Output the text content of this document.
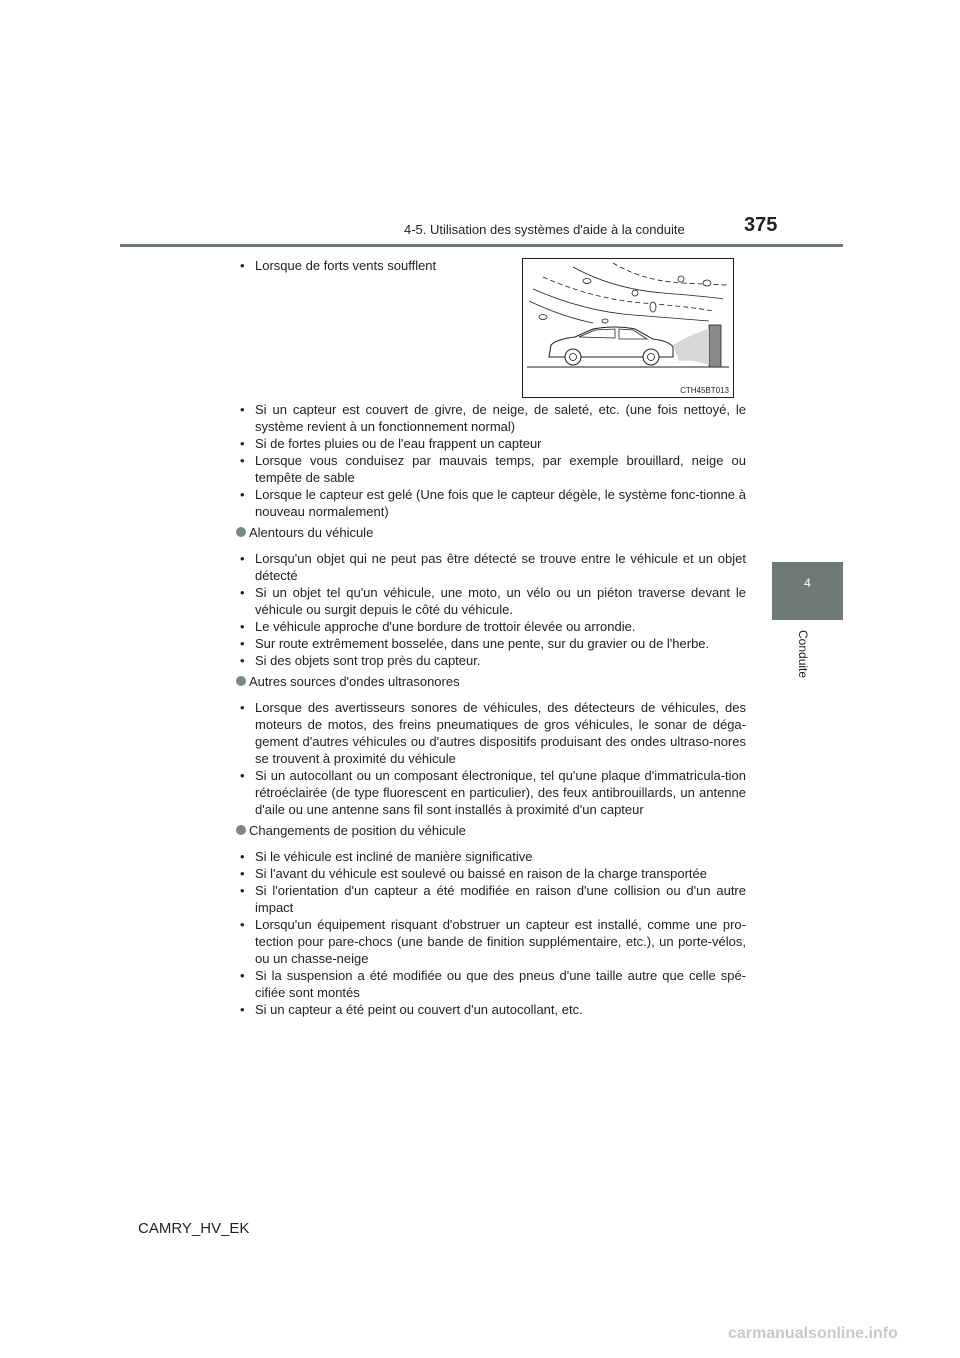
4-5. Utilisation des systèmes d'aide à la conduite	375
4
Conduite
CTH45BT013
• Lorsque de forts vents soufflent
• Si un capteur est couvert de givre, de neige, de saleté, etc. (une fois nettoyé, le système revient à un fonctionnement normal)
• Si de fortes pluies ou de l'eau frappent un capteur
• Lorsque vous conduisez par mauvais temps, par exemple brouillard, neige ou tempête de sable
• Lorsque le capteur est gelé (Une fois que le capteur dégèle, le système fonc-tionne à nouveau normalement)
Alentours du véhicule
• Lorsqu'un objet qui ne peut pas être détecté se trouve entre le véhicule et un objet détecté
• Si un objet tel qu'un véhicule, une moto, un vélo ou un piéton traverse devant le véhicule ou surgit depuis le côté du véhicule.
• Le véhicule approche d'une bordure de trottoir élevée ou arrondie.
• Sur route extrêmement bosselée, dans une pente, sur du gravier ou de l'herbe.
• Si des objets sont trop près du capteur.
Autres sources d'ondes ultrasonores
• Lorsque des avertisseurs sonores de véhicules, des détecteurs de véhicules, des moteurs de motos, des freins pneumatiques de gros véhicules, le sonar de déga-gement d'autres véhicules ou d'autres dispositifs produisant des ondes ultraso-nores se trouvent à proximité du véhicule
• Si un autocollant ou un composant électronique, tel qu'une plaque d'immatricula-tion rétroéclairée (de type fluorescent en particulier), des feux antibrouillards, un antenne d'aile ou une antenne sans fil sont installés à proximité d'un capteur
Changements de position du véhicule
• Si le véhicule est incliné de manière significative
• Si l'avant du véhicule est soulevé ou baissé en raison de la charge transportée
• Si l'orientation d'un capteur a été modifiée en raison d'une collision ou d'un autre impact
• Lorsqu'un équipement risquant d'obstruer un capteur est installé, comme une pro-tection pour pare-chocs (une bande de finition supplémentaire, etc.), un porte-vélos, ou un chasse-neige
• Si la suspension a été modifiée ou que des pneus d'une taille autre que celle spé-cifiée sont montés
• Si un capteur a été peint ou couvert d'un autocollant, etc.
CAMRY_HV_EK
carmanualsonline.info
